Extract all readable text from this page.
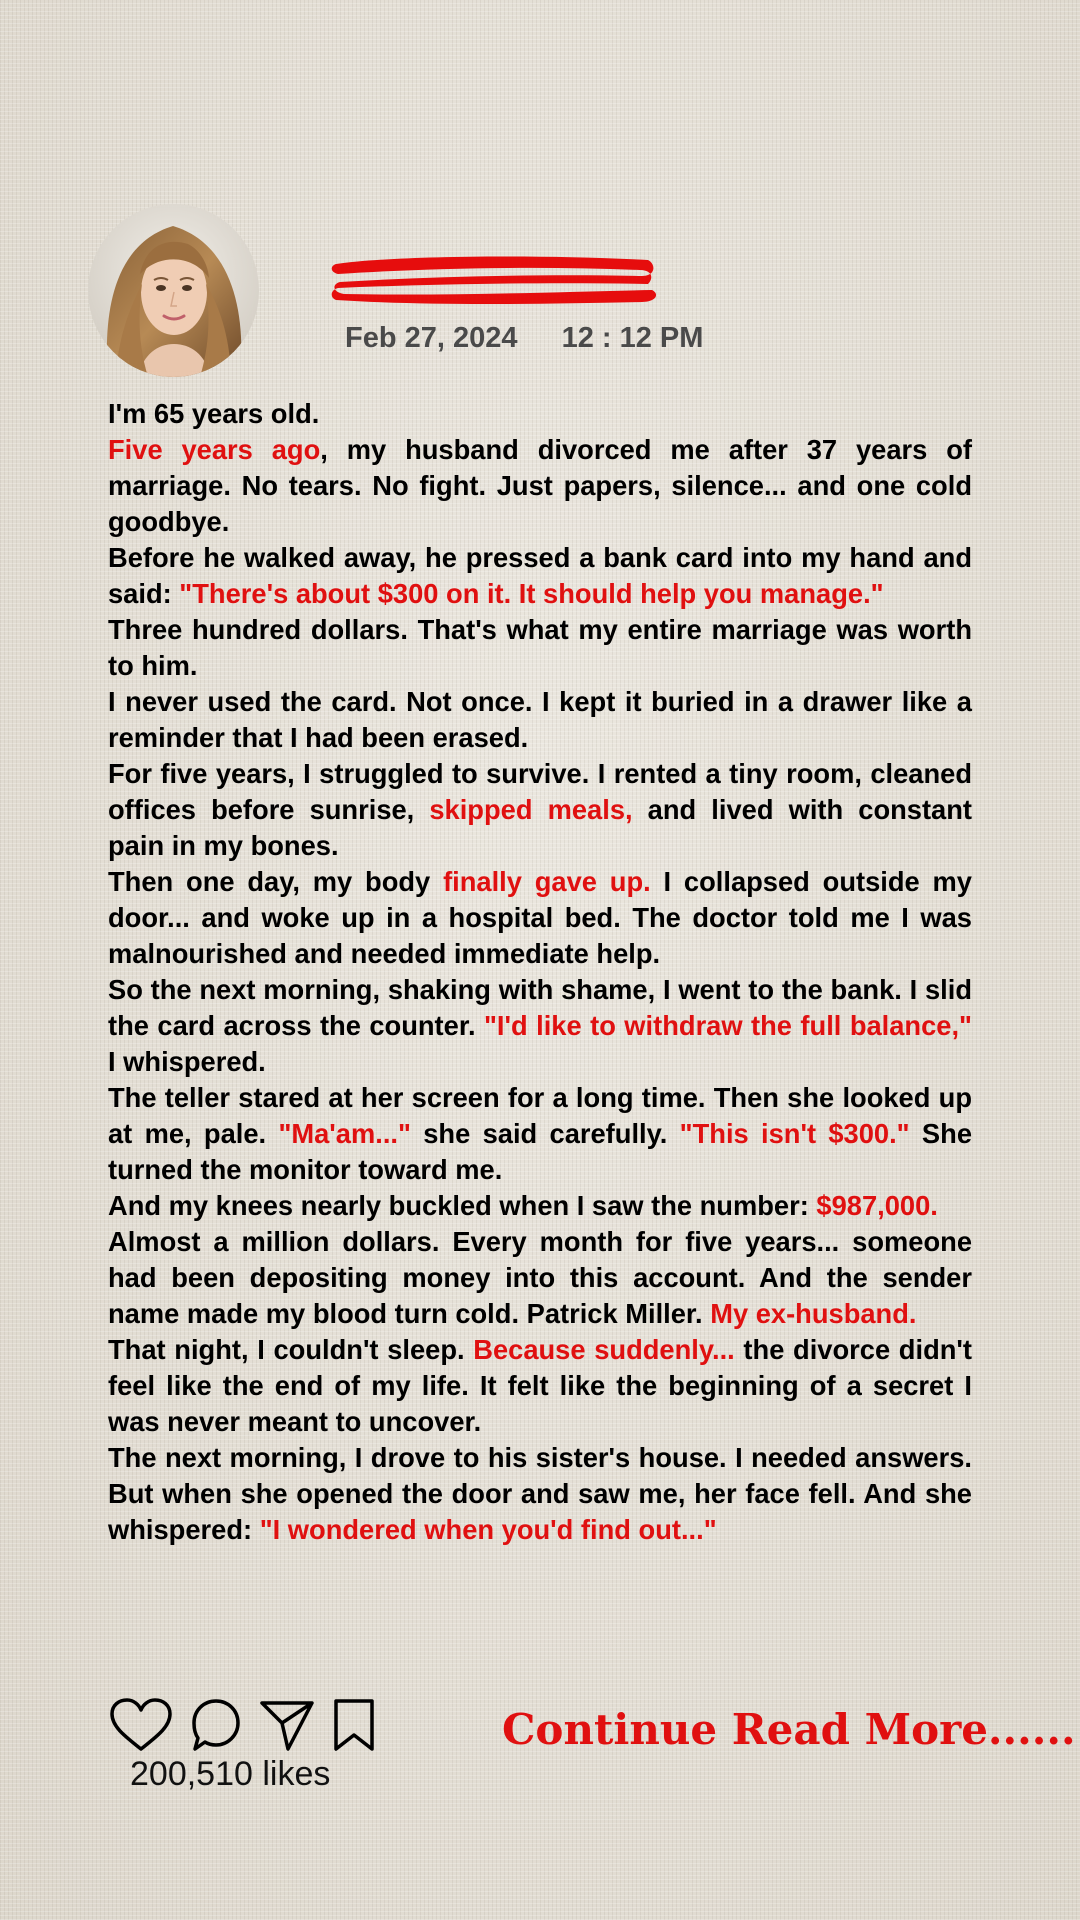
Feb 27, 2024 12 : 12 PM

I'm 65 years old.

Five years ago, my husband divorced me after 37 years of marriage. No tears. No fight. Just papers, silence... and one cold goodbye.

Before he walked away, he pressed a bank card into my hand and said: "There's about $300 on it. It should help you manage."

Three hundred dollars. That's what my entire marriage was worth to him.

I never used the card. Not once. I kept it buried in a drawer like a reminder that I had been erased.

For five years, I struggled to survive. I rented a tiny room, cleaned offices before sunrise, skipped meals, and lived with constant pain in my bones.

Then one day, my body finally gave up. I collapsed outside my door... and woke up in a hospital bed. The doctor told me I was malnourished and needed immediate help.

So the next morning, shaking with shame, I went to the bank. I slid the card across the counter. "I'd like to withdraw the full balance," I whispered.

The teller stared at her screen for a long time. Then she looked up at me, pale. "Ma'am..." she said carefully. "This isn't $300." She turned the monitor toward me.

And my knees nearly buckled when I saw the number: $987,000.

Almost a million dollars. Every month for five years... someone had been depositing money into this account. And the sender name made my blood turn cold. Patrick Miller. My ex-husband.

That night, I couldn't sleep. Because suddenly... the divorce didn't feel like the end of my life. It felt like the beginning of a secret I was never meant to uncover.

The next morning, I drove to his sister's house. I needed answers. But when she opened the door and saw me, her face fell. And she whispered: "I wondered when you'd find out..."

200,510 likes
Continue Read More......
